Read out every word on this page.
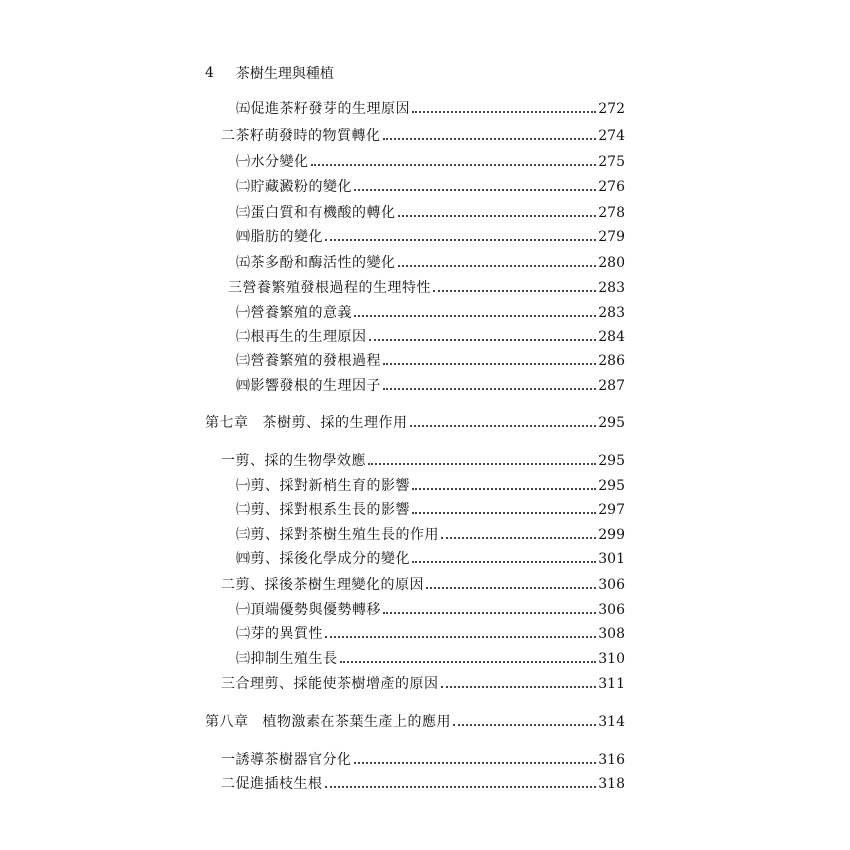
4 茶樹生理與種植
㈤促進茶籽發芽的生理原因	272
二茶籽萌發時的物質轉化	274
㈠水分變化	275
㈡貯藏澱粉的變化	276
㈢蛋白質和有機酸的轉化	278
㈣脂肪的變化	279
㈤茶多酚和酶活性的變化	280
三營養繁殖發根過程的生理特性	283
㈠營養繁殖的意義	283
㈡根再生的生理原因	284
㈢營養繁殖的發根過程	286
㈣影響發根的生理因子	287
第七章 茶樹剪、採的生理作用	295
一剪、採的生物學效應	295
㈠剪、採對新梢生育的影響	295
㈡剪、採對根系生長的影響	297
㈢剪、採對茶樹生殖生長的作用	299
㈣剪、採後化學成分的變化	301
二剪、採後茶樹生理變化的原因	306
㈠頂端優勢與優勢轉移	306
㈡芽的異質性	308
㈢抑制生殖生長	310
三合理剪、採能使茶樹增產的原因	311
第八章 植物激素在茶葉生產上的應用	314
一誘導茶樹器官分化	316
二促進插枝生根	318
